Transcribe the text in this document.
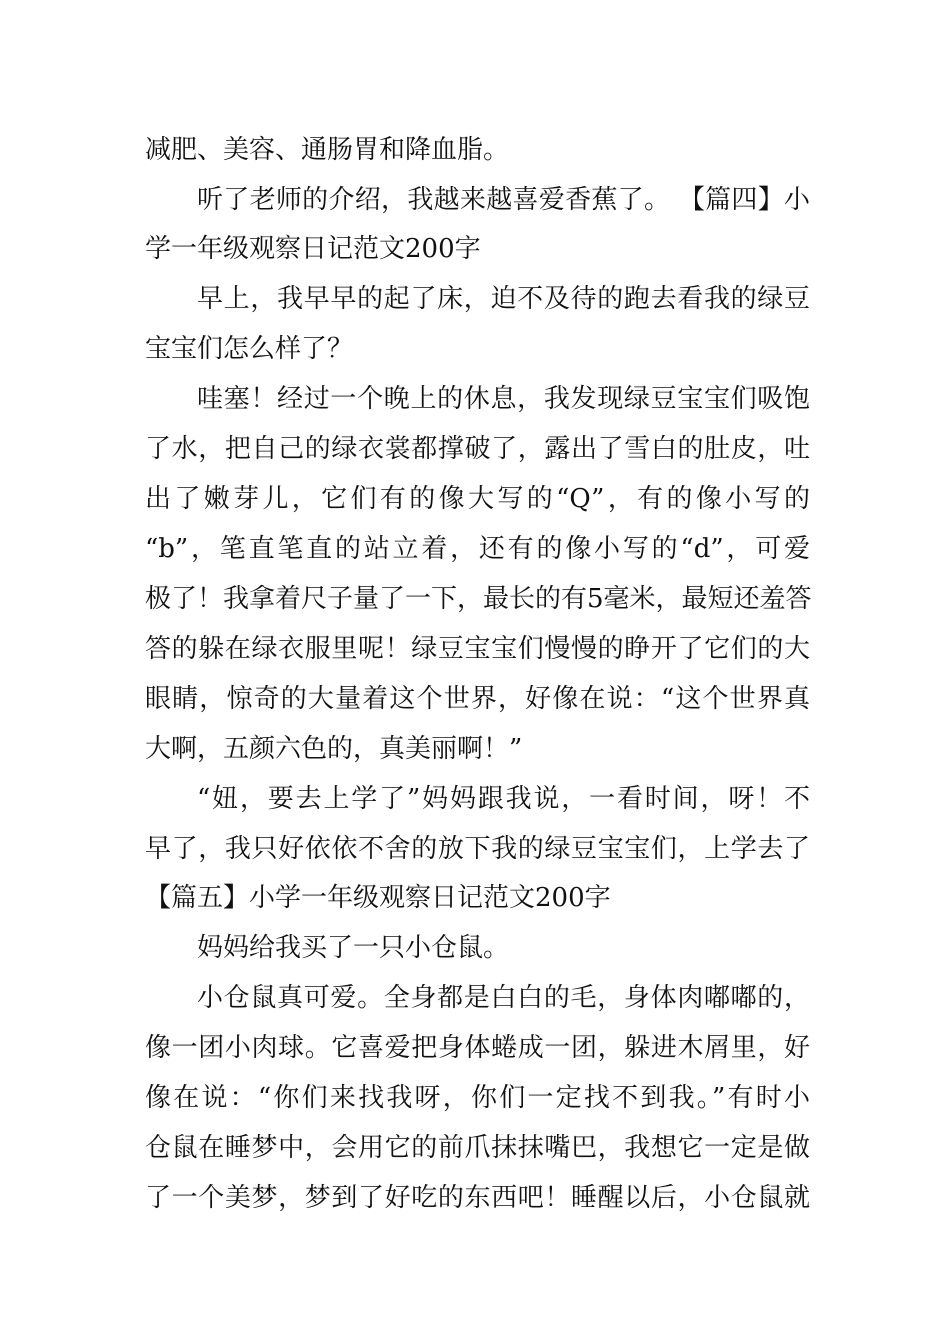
减肥、美容、通肠胃和降血脂。
听了老师的介绍，我越来越喜爱香蕉了。 【篇四】小
学一年级观察日记范文200字
早上，我早早的起了床，迫不及待的跑去看我的绿豆
宝宝们怎么样了？
哇塞！经过一个晚上的休息，我发现绿豆宝宝们吸饱
了水，把自己的绿衣裳都撑破了，露出了雪白的肚皮，吐
出了嫩芽儿，它们有的像大写的“Q”，有的像小写的
“b”，笔直笔直的站立着，还有的像小写的“d”，可爱
极了！我拿着尺子量了一下，最长的有5毫米，最短还羞答
答的躲在绿衣服里呢！绿豆宝宝们慢慢的睁开了它们的大
眼睛，惊奇的大量着这个世界，好像在说：“这个世界真
大啊，五颜六色的，真美丽啊！”
“妞，要去上学了”妈妈跟我说，一看时间，呀！不
早了，我只好依依不舍的放下我的绿豆宝宝们，上学去了
【篇五】小学一年级观察日记范文200字
妈妈给我买了一只小仓鼠。
小仓鼠真可爱。全身都是白白的毛，身体肉嘟嘟的，
像一团小肉球。它喜爱把身体蜷成一团，躲进木屑里，好
像在说：“你们来找我呀，你们一定找不到我。”有时小
仓鼠在睡梦中，会用它的前爪抹抹嘴巴，我想它一定是做
了一个美梦，梦到了好吃的东西吧！睡醒以后，小仓鼠就
